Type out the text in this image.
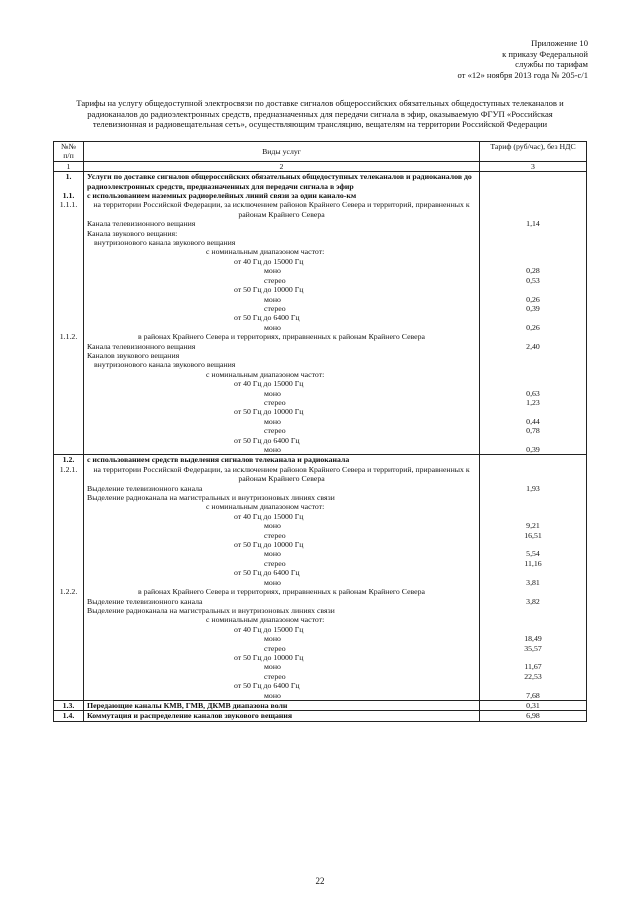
Приложение 10
к приказу Федеральной
службы по тарифам
от «12» ноября 2013 года № 205-с/1
Тарифы на услугу общедоступной электросвязи по доставке сигналов общероссийских обязательных общедоступных телеканалов и радиоканалов до радиоэлектронных средств, предназначенных для передачи сигнала в эфир, оказываемую ФГУП «Российская телевизионная и радиовещательная сеть», осуществляющим трансляцию, вещателям на территории Российской Федерации
№№ п/п	Виды услуг	Тариф (руб/час), без НДС
1	2	3
1.	Услуги по доставке сигналов общероссийских обязательных общедоступных телеканалов и радиоканалов до радиоэлектронных средств, предназначенных для передачи сигнала в эфир	
1.1.	с использованием наземных радиорелейных линий связи за один канало-км	
1.1.1.	на территории Российской Федерации, за исключением районов Крайнего Севера и территорий, приравненных к районам Крайнего Севера	
	Канала телевизионного вещания	1,14
	Канала звукового вещания:	
	внутризонового канала звукового вещания	
	с номинальным диапазоном частот:	
	от 40 Гц до 15000 Гц	
	моно	0,28
	стерео	0,53
	от 50 Гц до 10000 Гц	
	моно	0,26
	стерео	0,39
	от 50 Гц до 6400 Гц	
	моно	0,26
1.1.2.	в районах Крайнего Севера и территориях, приравненных к районам Крайнего Севера	
	Канала телевизионного вещания	2,40
	Каналов звукового вещания	
	внутризонового канала звукового вещания	
	с номинальным диапазоном частот:	
	от 40 Гц до 15000 Гц	
	моно	0,63
	стерео	1,23
	от 50 Гц до 10000 Гц	
	моно	0,44
	стерео	0,78
	от 50 Гц до 6400 Гц	
	моно	0,39
1.2.	с использованием средств выделения сигналов телеканала и радиоканала	
1.2.1.	на территории Российской Федерации, за исключением районов Крайнего Севера и территорий, приравненных к районам Крайнего Севера	
	Выделение телевизионного канала	1,93
	Выделение радиоканала на магистральных и внутризоновых линиях связи	
	с номинальным диапазоном частот:	
	от 40 Гц до 15000 Гц	
	моно	9,21
	стерео	16,51
	от 50 Гц до 10000 Гц	
	моно	5,54
	стерео	11,16
	от 50 Гц до 6400 Гц	
	моно	3,81
1.2.2.	в районах Крайнего Севера и территориях, приравненных к районам Крайнего Севера	
	Выделение телевизионного канала	3,82
	Выделение радиоканала на магистральных и внутризоновых линиях связи	
	с номинальным диапазоном частот:	
	от 40 Гц до 15000 Гц	
	моно	18,49
	стерео	35,57
	от 50 Гц до 10000 Гц	
	моно	11,67
	стерео	22,53
	от 50 Гц до 6400 Гц	
	моно	7,68
1.3.	Передающие каналы КМВ, ГМВ, ДКМВ диапазона волн	0,31
1.4.	Коммутация и распределение каналов звукового вещания	6,98
22
